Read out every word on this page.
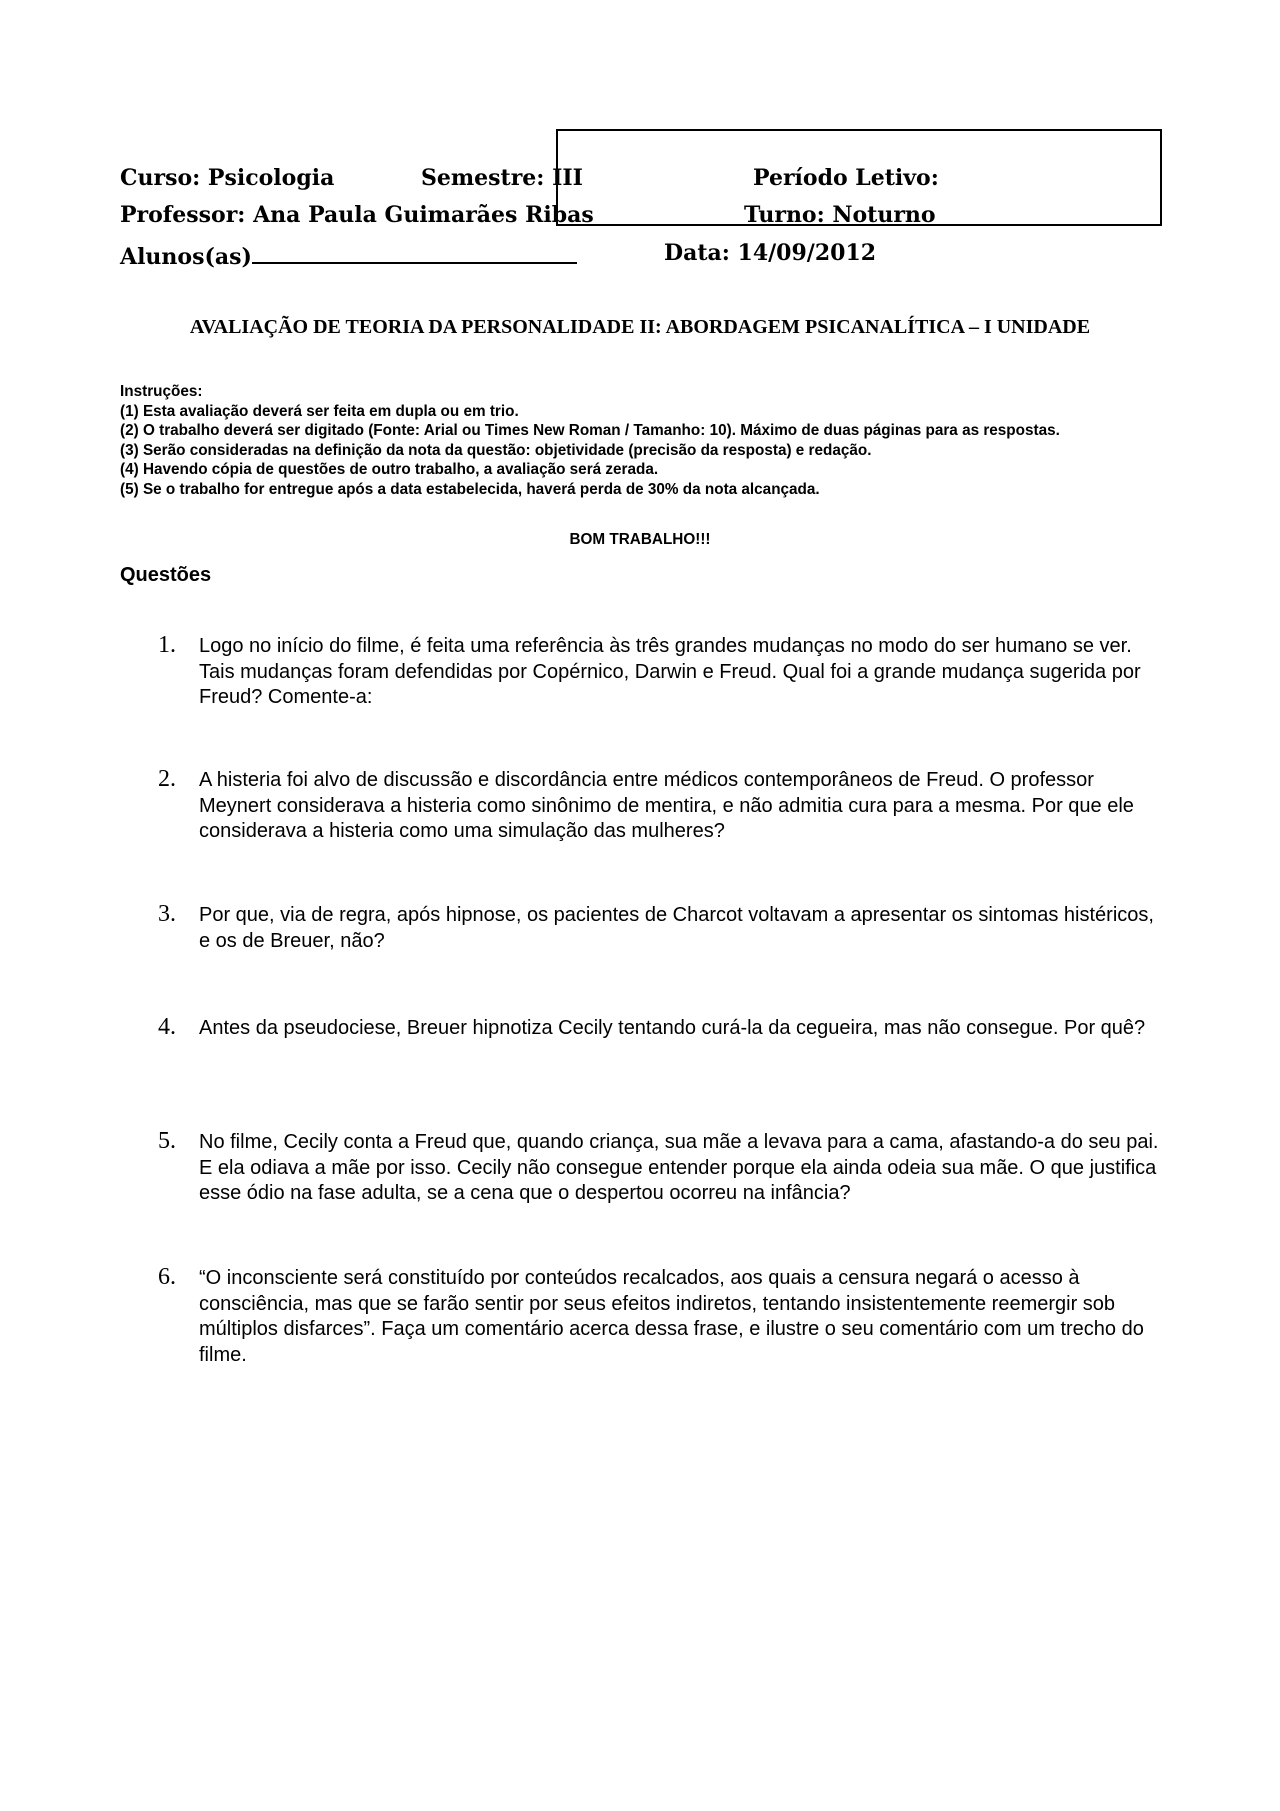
Curso: Psicologia	Semestre: III	Período Letivo:
Professor: Ana Paula Guimarães Ribas	Turno: Noturno
Alunos(as)	Data: 14/09/2012
AVALIAÇÃO DE TEORIA DA PERSONALIDADE II: ABORDAGEM PSICANALÍTICA – I UNIDADE

Instruções:

(1) Esta avaliação deverá ser feita em dupla ou em trio.

(2) O trabalho deverá ser digitado (Fonte: Arial ou Times New Roman / Tamanho: 10). Máximo de duas páginas para as respostas.

(3) Serão consideradas na definição da nota da questão: objetividade (precisão da resposta) e redação.

(4) Havendo cópia de questões de outro trabalho, a avaliação será zerada.

(5) Se o trabalho for entregue após a data estabelecida, haverá perda de 30% da nota alcançada.

BOM TRABALHO!!!
Questões
1. Logo no início do filme, é feita uma referência às três grandes mudanças no modo do ser humano se ver. Tais mudanças foram defendidas por Copérnico, Darwin e Freud. Qual foi a grande mudança sugerida por Freud? Comente-a:
2. A histeria foi alvo de discussão e discordância entre médicos contemporâneos de Freud. O professor Meynert considerava a histeria como sinônimo de mentira, e não admitia cura para a mesma. Por que ele considerava a histeria como uma simulação das mulheres?
3. Por que, via de regra, após hipnose, os pacientes de Charcot voltavam a apresentar os sintomas histéricos, e os de Breuer, não?
4. Antes da pseudociese, Breuer hipnotiza Cecily tentando curá-la da cegueira, mas não consegue. Por quê?
5. No filme, Cecily conta a Freud que, quando criança, sua mãe a levava para a cama, afastando-a do seu pai. E ela odiava a mãe por isso. Cecily não consegue entender porque ela ainda odeia sua mãe. O que justifica esse ódio na fase adulta, se a cena que o despertou ocorreu na infância?
6. “O inconsciente será constituído por conteúdos recalcados, aos quais a censura negará o acesso à consciência, mas que se farão sentir por seus efeitos indiretos, tentando insistentemente reemergir sob múltiplos disfarces”. Faça um comentário acerca dessa frase, e ilustre o seu comentário com um trecho do filme.
